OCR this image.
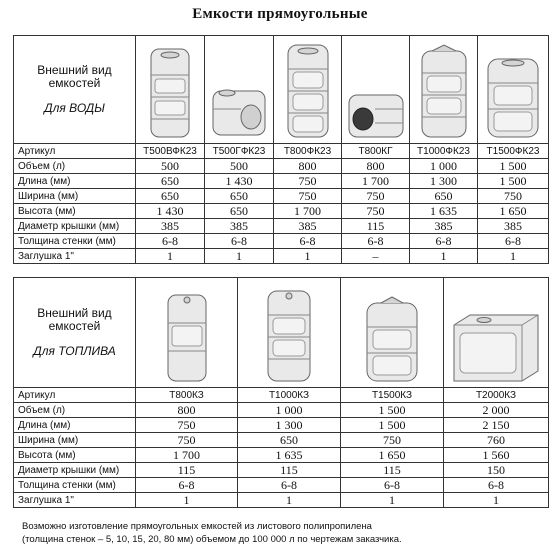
Емкости прямоугольные
Внешний вид емкостей
Для ВОДЫ

Артикул	Т500ВФК23	Т500ГФК23	Т800ФК23	Т800КГ	Т1000ФК23	Т1500ФК23
Объем (л)	500	500	800	800	1 000	1 500
Длина (мм)	650	1 430	750	1 700	1 300	1 500
Ширина (мм)	650	650	750	750	650	750
Высота (мм)	1 430	650	1 700	750	1 635	1 650
Диаметр крышки (мм)	385	385	385	115	385	385
Толщина стенки (мм)	6-8	6-8	6-8	6-8	6-8	6-8
Заглушка 1"	1	1	1	–	1	1
Внешний вид емкостей
Для ТОПЛИВА

Артикул	Т800КЗ	Т1000КЗ	Т1500КЗ	Т2000КЗ
Объем (л)	800	1 000	1 500	2 000
Длина (мм)	750	1 300	1 500	2 150
Ширина (мм)	750	650	750	760
Высота (мм)	1 700	1 635	1 650	1 560
Диаметр крышки (мм)	115	115	115	150
Толщина стенки (мм)	6-8	6-8	6-8	6-8
Заглушка 1"	1	1	1	1
Возможно изготовление прямоугольных емкостей из листового полипропилена
(толщина стенок – 5, 10, 15, 20, 80 мм) объемом до 100 000 л по чертежам заказчика.
